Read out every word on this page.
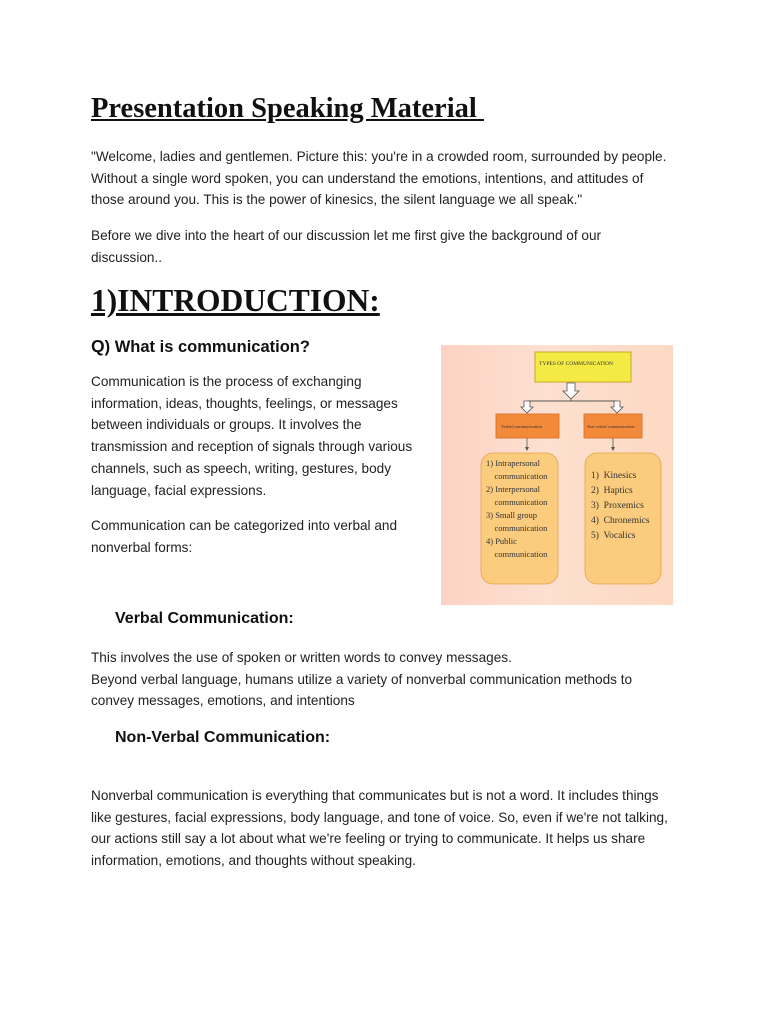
Presentation Speaking Material
"Welcome, ladies and gentlemen. Picture this: you're in a crowded room, surrounded by people.
Without a single word spoken, you can understand the emotions, intentions, and attitudes of
those around you. This is the power of kinesics, the silent language we all speak."
Before we dive into the heart of our discussion let me first give the background of our
discussion..
1)INTRODUCTION:
Q) What is communication?
Communication is the process of exchanging
information, ideas, thoughts, feelings, or messages
between individuals or groups. It involves the
transmission and reception of signals through various
channels, such as speech, writing, gestures, body
language, facial expressions.
Communication can be categorized into verbal and
nonverbal forms:
TYPES OF COMMUNICATION
Verbal communication	Non-verbal communication
1) Intrapersonal
communication
2) Interpersonal
communication
3) Small group
communication
4) Public
communication
1)  Kinesics
2)  Haptics
3)  Proxemics
4)  Chronemics
5)  Vocalics
Verbal Communication:
This involves the use of spoken or written words to convey messages.
Beyond verbal language, humans utilize a variety of nonverbal communication methods to
convey messages, emotions, and intentions
Non-Verbal Communication:
Nonverbal communication is everything that communicates but is not a word. It includes things
like gestures, facial expressions, body language, and tone of voice. So, even if we're not talking,
our actions still say a lot about what we're feeling or trying to communicate. It helps us share
information, emotions, and thoughts without speaking.
